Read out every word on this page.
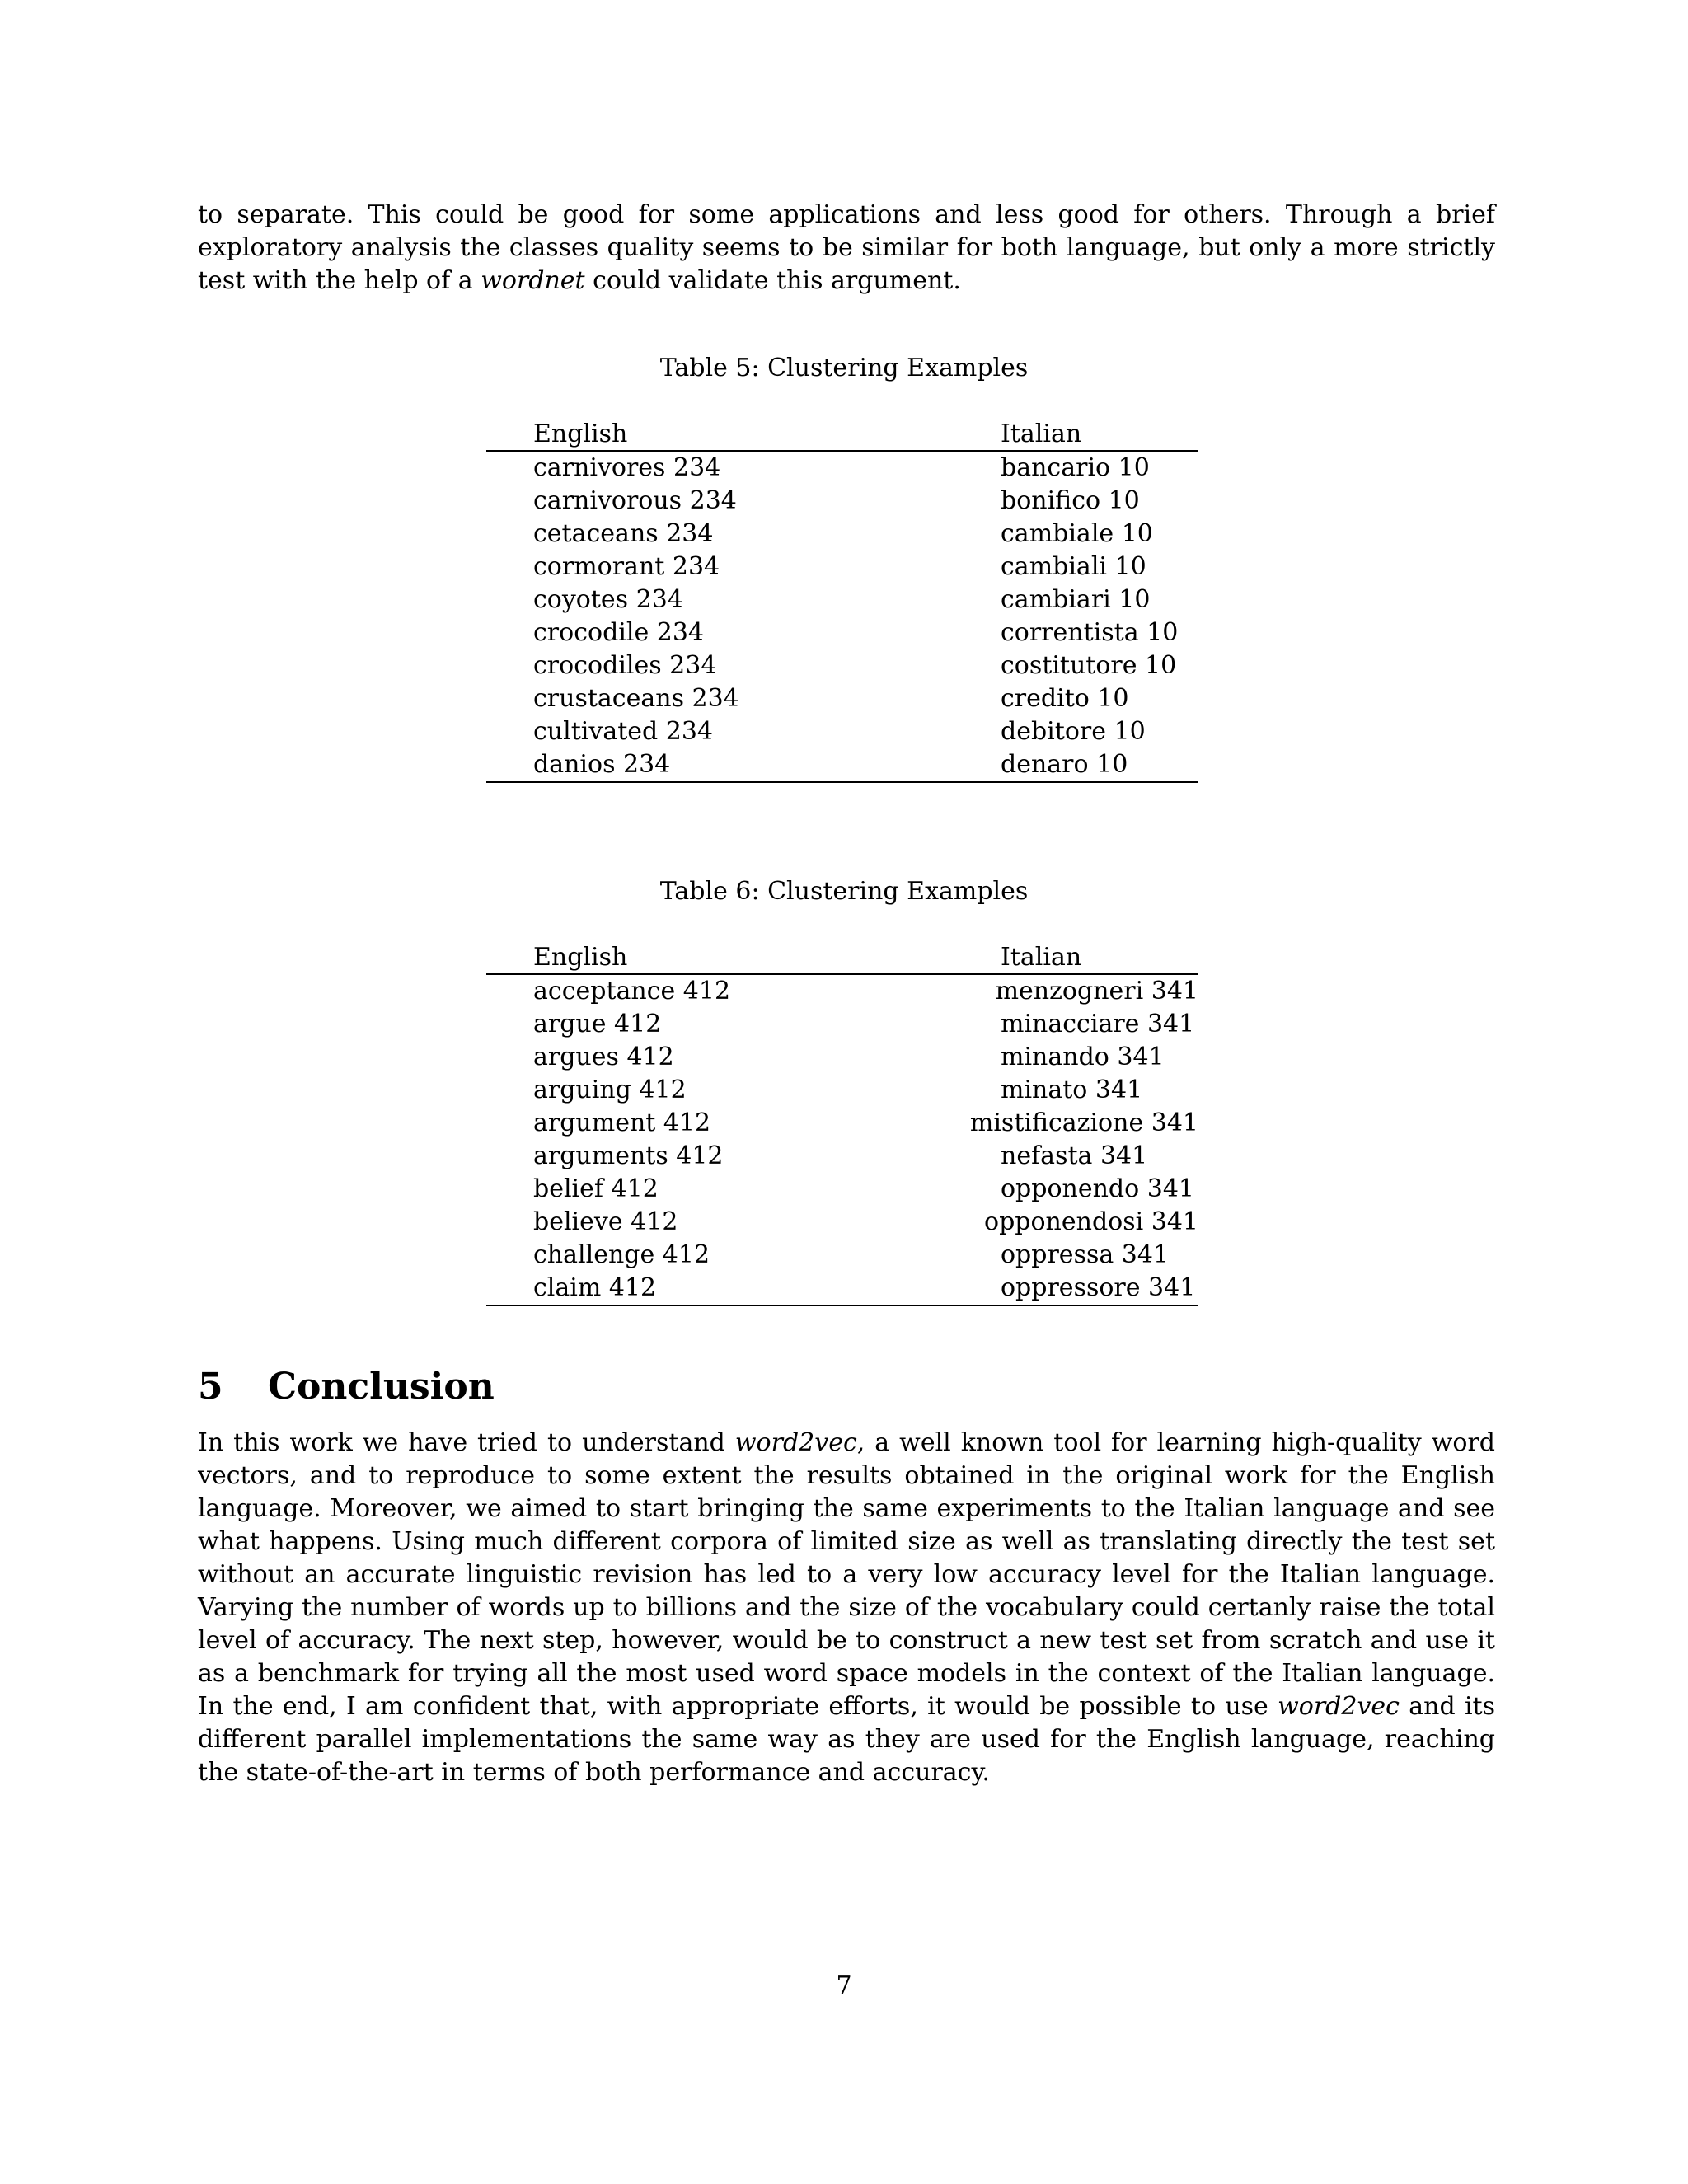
to separate. This could be good for some applications and less good for others. Through a brief exploratory analysis the classes quality seems to be similar for both language, but only a more strictly test with the help of a wordnet could validate this argument.

Table 5: Clustering Examples
English	Italian
carnivores 234	bancario 10
carnivorous 234	bonifico 10
cetaceans 234	cambiale 10
cormorant 234	cambiali 10
coyotes 234	cambiari 10
crocodile 234	correntista 10
crocodiles 234	costitutore 10
crustaceans 234	credito 10
cultivated 234	debitore 10
danios 234	denaro 10
Table 6: Clustering Examples
English	Italian
acceptance 412	menzogneri 341
argue 412	minacciare 341
argues 412	minando 341
arguing 412	minato 341
argument 412	mistificazione 341
arguments 412	nefasta 341
belief 412	opponendo 341
believe 412	opponendosi 341
challenge 412	oppressa 341
claim 412	oppressore 341
5 Conclusion

In this work we have tried to understand word2vec, a well known tool for learning high-quality word vectors, and to reproduce to some extent the results obtained in the original work for the English language. Moreover, we aimed to start bringing the same experiments to the Italian language and see what happens. Using much different corpora of limited size as well as translating directly the test set without an accurate linguistic revision has led to a very low accuracy level for the Italian language. Varying the number of words up to billions and the size of the vocabulary could certanly raise the total level of accuracy. The next step, however, would be to construct a new test set from scratch and use it as a benchmark for trying all the most used word space models in the context of the Italian language. In the end, I am confident that, with appropriate efforts, it would be possible to use word2vec and its different parallel implementations the same way as they are used for the English language, reaching the state-of-the-art in terms of both performance and accuracy.

7
